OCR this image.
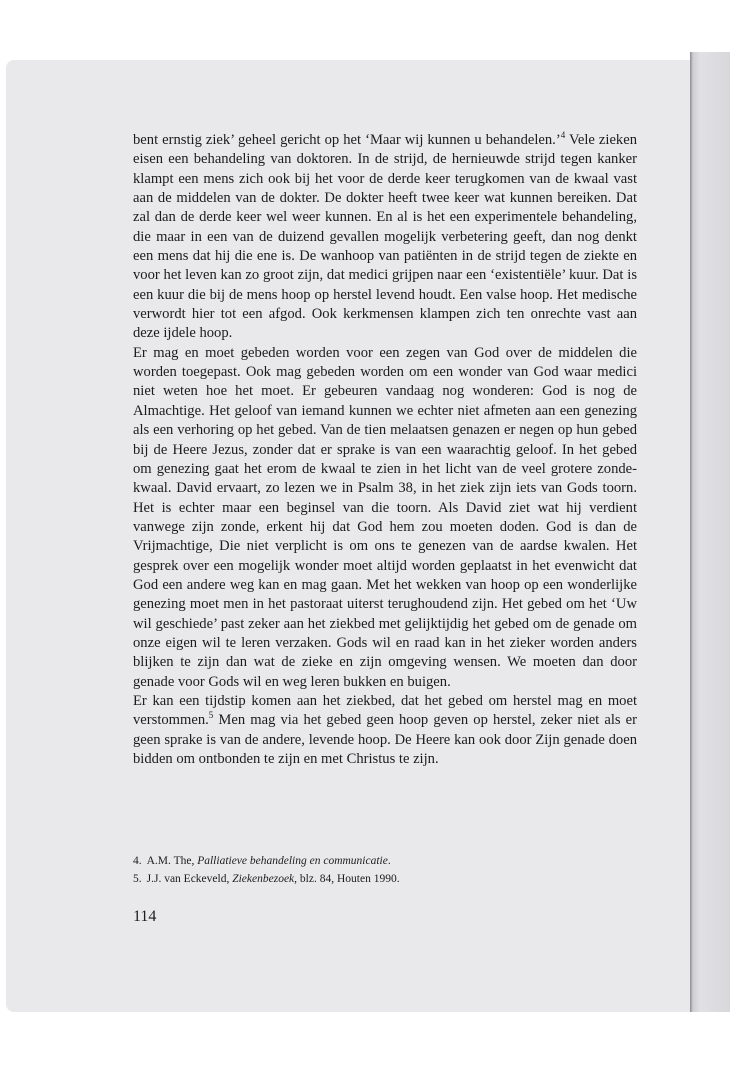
bent ernstig ziek’ geheel gericht op het ‘Maar wij kunnen u behandelen.’$^4$ Vele zieken eisen een behandeling van doktoren. In de strijd, de hernieuwde strijd tegen kanker klampt een mens zich ook bij het voor de derde keer terugkomen van de kwaal vast aan de middelen van de dokter. De dokter heeft twee keer wat kunnen bereiken. Dat zal dan de derde keer wel weer kunnen. En al is het een experimentele behandeling, die maar in een van de duizend gevallen mogelijk verbetering geeft, dan nog denkt een mens dat hij die ene is. De wanhoop van patiënten in de strijd tegen de ziekte en voor het leven kan zo groot zijn, dat medici grijpen naar een ‘existentiële’ kuur. Dat is een kuur die bij de mens hoop op herstel levend houdt. Een valse hoop. Het medische verwordt hier tot een afgod. Ook kerkmensen klampen zich ten onrechte vast aan deze ijdele hoop.

Er mag en moet gebeden worden voor een zegen van God over de middelen die worden toegepast. Ook mag gebeden worden om een wonder van God waar medici niet weten hoe het moet. Er gebeuren vandaag nog wonderen: God is nog de Almachtige. Het geloof van iemand kunnen we echter niet afmeten aan een genezing als een verhoring op het gebed. Van de tien melaatsen genazen er negen op hun gebed bij de Heere Jezus, zonder dat er sprake is van een waarachtig geloof. In het gebed om genezing gaat het erom de kwaal te zien in het licht van de veel grotere zonde-kwaal. David ervaart, zo lezen we in Psalm 38, in het ziek zijn iets van Gods toorn. Het is echter maar een beginsel van die toorn. Als David ziet wat hij verdient vanwege zijn zonde, erkent hij dat God hem zou moeten doden. God is dan de Vrijmachtige, Die niet verplicht is om ons te genezen van de aardse kwalen. Het gesprek over een mogelijk wonder moet altijd worden geplaatst in het evenwicht dat God een andere weg kan en mag gaan. Met het wekken van hoop op een wonderlijke genezing moet men in het pastoraat uiterst terughoudend zijn. Het gebed om het ‘Uw wil geschiede’ past zeker aan het ziekbed met gelijktijdig het gebed om de genade om onze eigen wil te leren verzaken. Gods wil en raad kan in het zieker worden anders blijken te zijn dan wat de zieke en zijn omgeving wensen. We moeten dan door genade voor Gods wil en weg leren bukken en buigen.

Er kan een tijdstip komen aan het ziekbed, dat het gebed om herstel mag en moet verstommen.$^5$ Men mag via het gebed geen hoop geven op herstel, zeker niet als er geen sprake is van de andere, levende hoop. De Heere kan ook door Zijn genade doen bidden om ontbonden te zijn en met Christus te zijn.

4. A.M. The, Palliatieve behandeling en communicatie.
5. J.J. van Eckeveld, Ziekenbezoek, blz. 84, Houten 1990.
114
